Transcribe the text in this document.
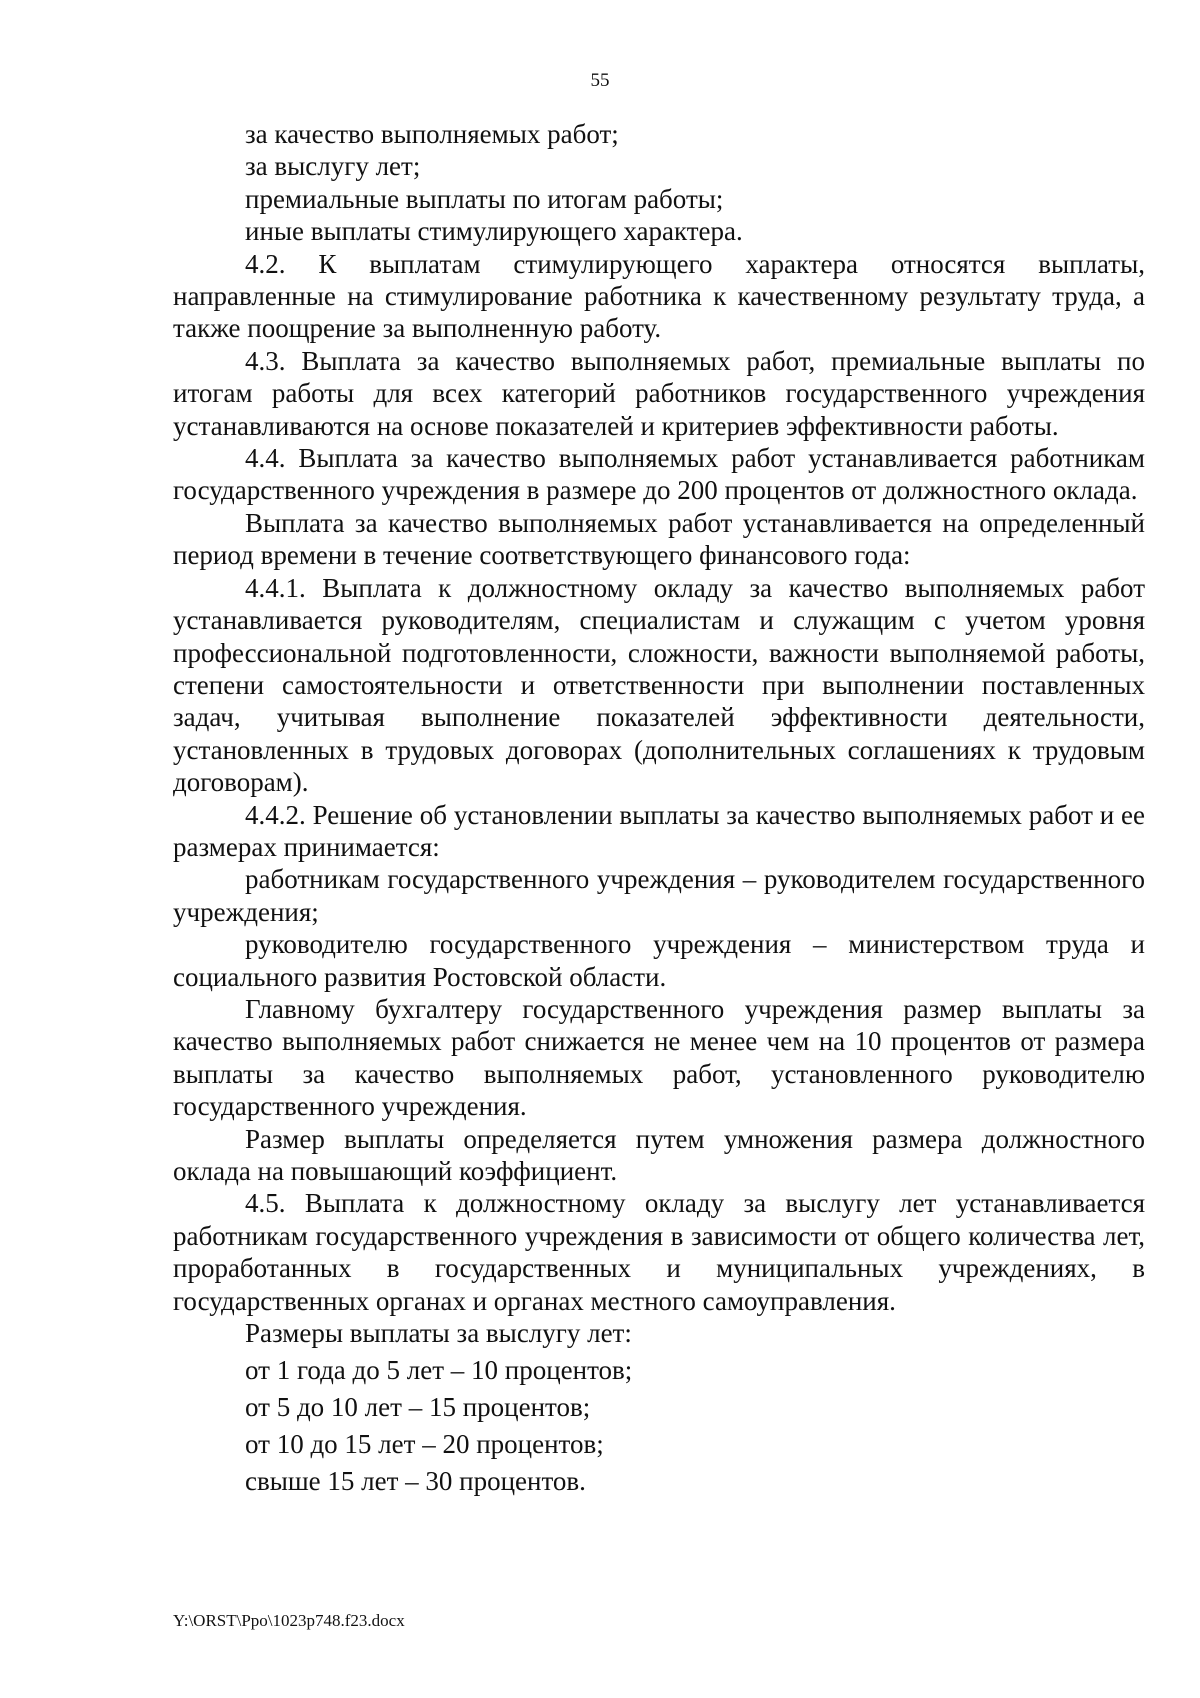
55

за качество выполняемых работ;

за выслугу лет;

премиальные выплаты по итогам работы;

иные выплаты стимулирующего характера.

4.2. К выплатам стимулирующего характера относятся выплаты, направленные на стимулирование работника к качественному результату труда, а также поощрение за выполненную работу.

4.3. Выплата за качество выполняемых работ, премиальные выплаты по итогам работы для всех категорий работников государственного учреждения устанавливаются на основе показателей и критериев эффективности работы.

4.4. Выплата за качество выполняемых работ устанавливается работникам государственного учреждения в размере до 200 процентов от должностного оклада.

Выплата за качество выполняемых работ устанавливается на определенный период времени в течение соответствующего финансового года:

4.4.1. Выплата к должностному окладу за качество выполняемых работ устанавливается руководителям, специалистам и служащим с учетом уровня профессиональной подготовленности, сложности, важности выполняемой работы, степени самостоятельности и ответственности при выполнении поставленных задач, учитывая выполнение показателей эффективности деятельности, установленных в трудовых договорах (дополнительных соглашениях к трудовым договорам).

4.4.2. Решение об установлении выплаты за качество выполняемых работ и ее размерах принимается:

работникам государственного учреждения – руководителем государственного учреждения;

руководителю государственного учреждения – министерством труда и социального развития Ростовской области.

Главному бухгалтеру государственного учреждения размер выплаты за качество выполняемых работ снижается не менее чем на 10 процентов от размера выплаты за качество выполняемых работ, установленного руководителю государственного учреждения.

Размер выплаты определяется путем умножения размера должностного оклада на повышающий коэффициент.

4.5. Выплата к должностному окладу за выслугу лет устанавливается работникам государственного учреждения в зависимости от общего количества лет, проработанных в государственных и муниципальных учреждениях, в государственных органах и органах местного самоуправления.

Размеры выплаты за выслугу лет:

от 1 года до 5 лет – 10 процентов;

от 5 до 10 лет – 15 процентов;

от 10 до 15 лет – 20 процентов;

свыше 15 лет – 30 процентов.

Y:\ORST\Ppo\1023p748.f23.docx
